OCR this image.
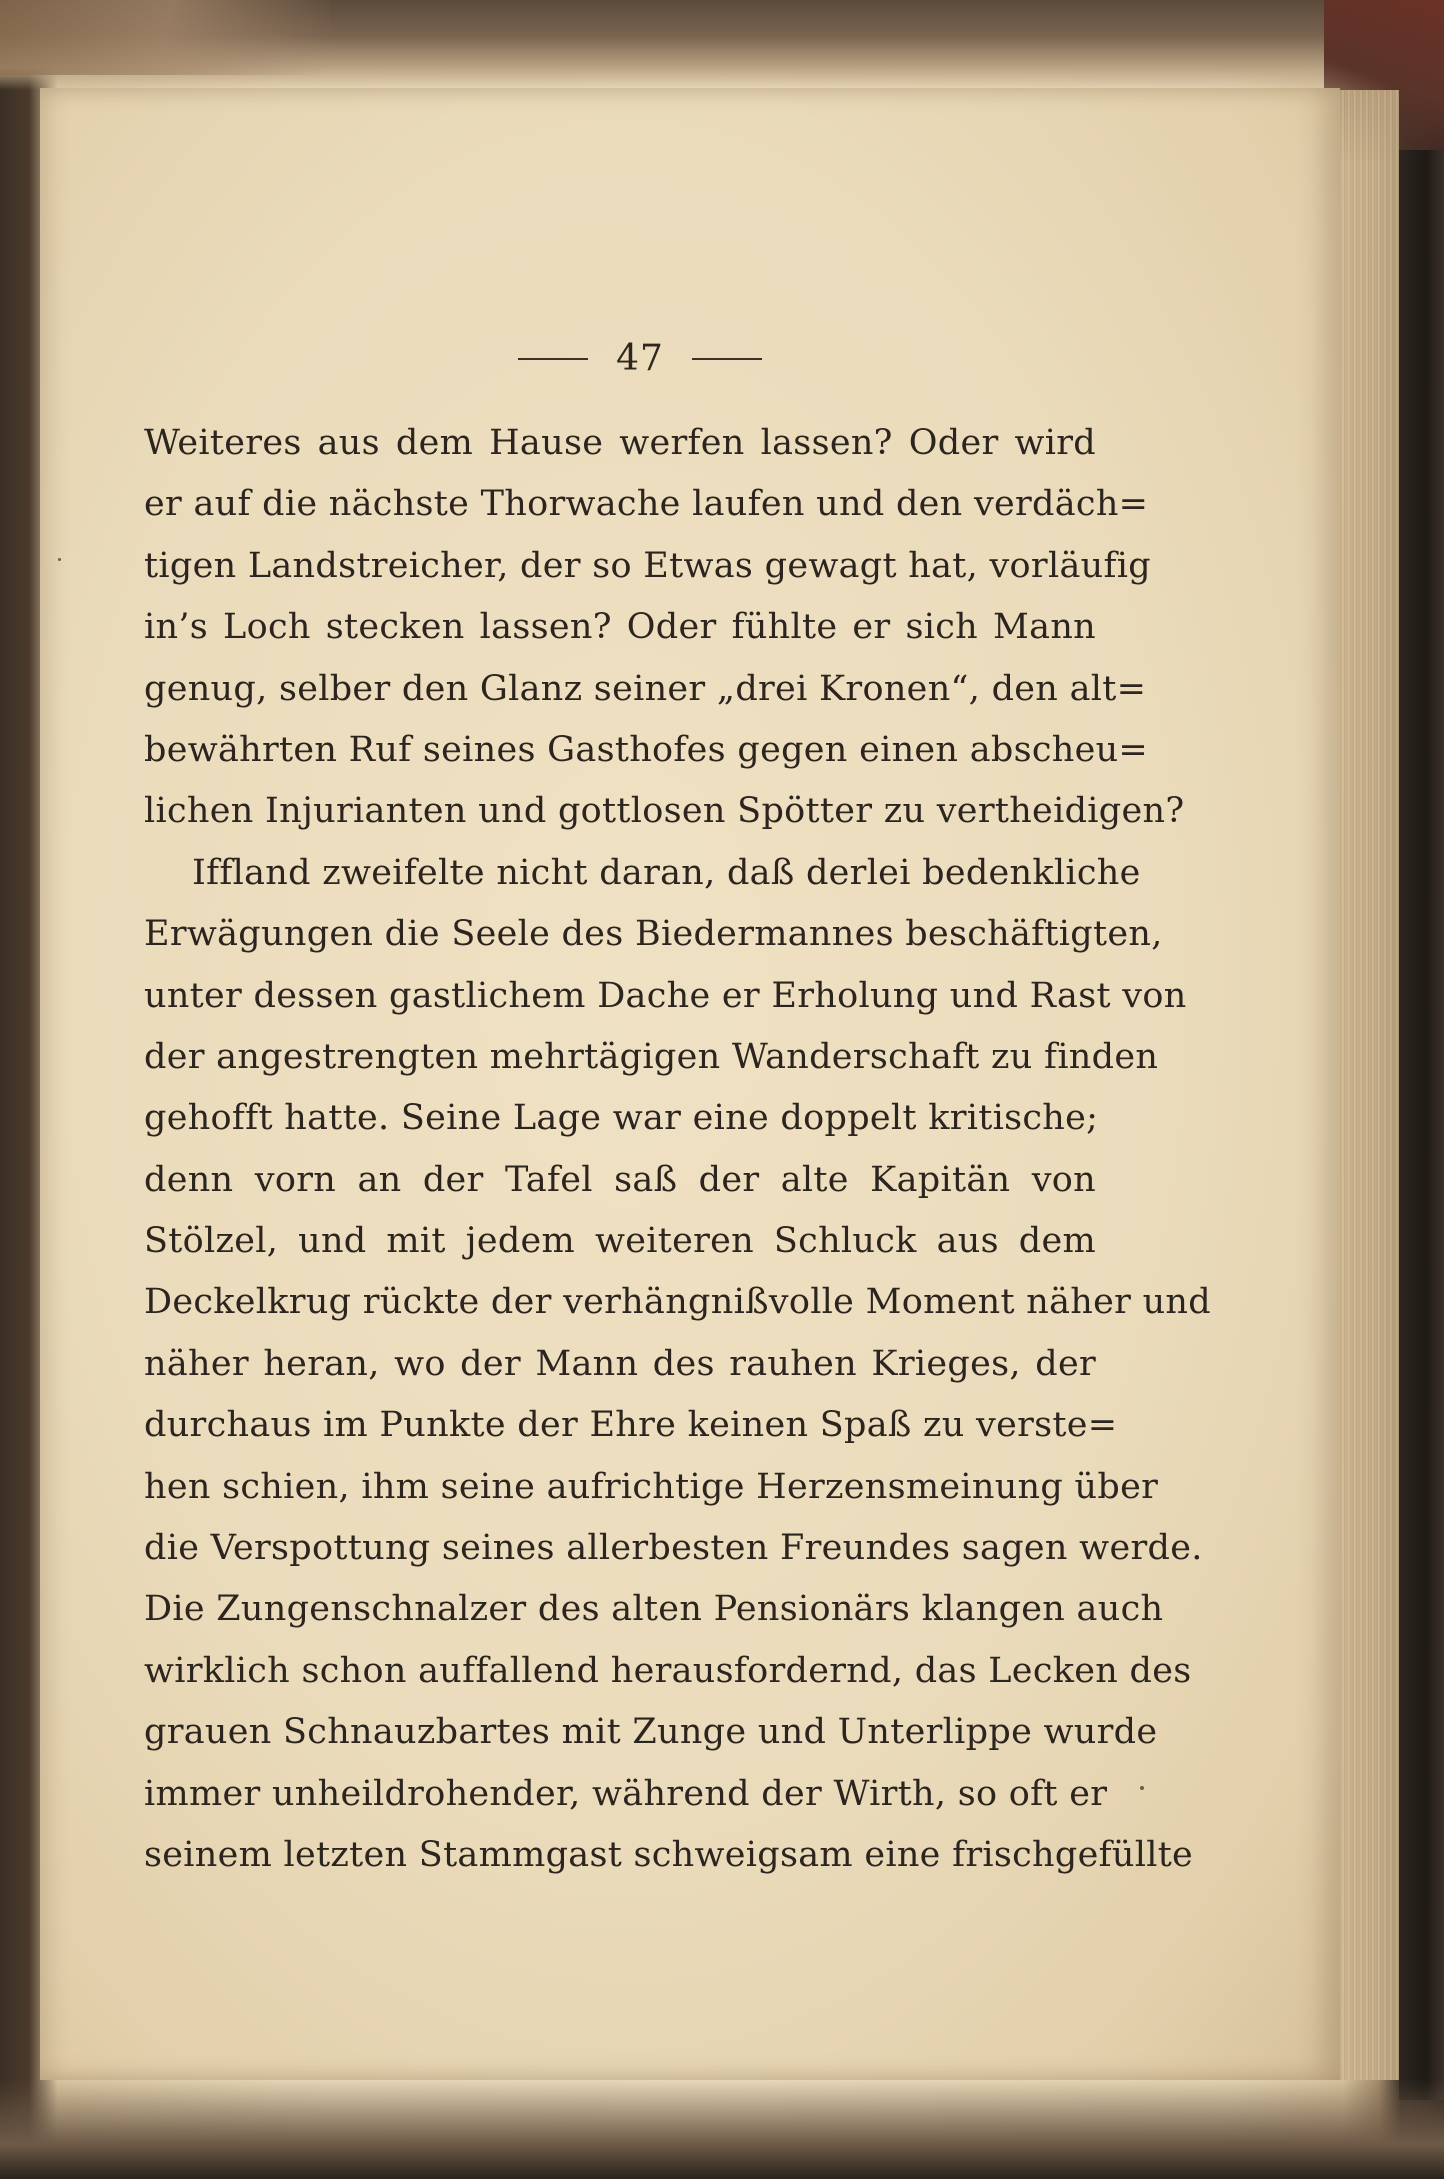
47
Weiteres aus dem Hause werfen lassen? Oder wird
er auf die nächste Thorwache laufen und den verdäch=
tigen Landstreicher, der so Etwas gewagt hat, vorläufig
in’s Loch stecken lassen? Oder fühlte er sich Mann
genug, selber den Glanz seiner „drei Kronen“, den alt=
bewährten Ruf seines Gasthofes gegen einen abscheu=
lichen Injurianten und gottlosen Spötter zu vertheidigen?
Iffland zweifelte nicht daran, daß derlei bedenkliche
Erwägungen die Seele des Biedermannes beschäftigten,
unter dessen gastlichem Dache er Erholung und Rast von
der angestrengten mehrtägigen Wanderschaft zu finden
gehofft hatte. Seine Lage war eine doppelt kritische;
denn vorn an der Tafel saß der alte Kapitän von
Stölzel, und mit jedem weiteren Schluck aus dem
Deckelkrug rückte der verhängnißvolle Moment näher und
näher heran, wo der Mann des rauhen Krieges, der
durchaus im Punkte der Ehre keinen Spaß zu verste=
hen schien, ihm seine aufrichtige Herzensmeinung über
die Verspottung seines allerbesten Freundes sagen werde.
Die Zungenschnalzer des alten Pensionärs klangen auch
wirklich schon auffallend herausfordernd, das Lecken des
grauen Schnauzbartes mit Zunge und Unterlippe wurde
immer unheildrohender, während der Wirth, so oft er
seinem letzten Stammgast schweigsam eine frischgefüllte
